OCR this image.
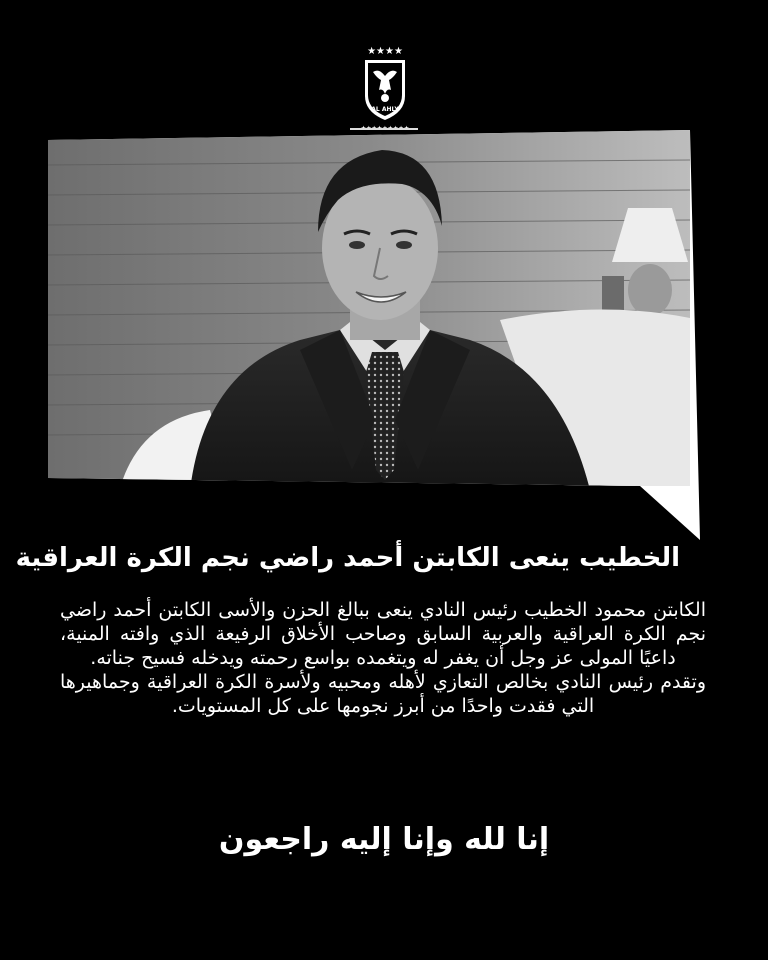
★★★★
AL AHLY
الخطيب ينعى الكابتن أحمد راضي نجم الكرة العراقية

الكابتن محمود الخطيب رئيس النادي ينعى ببالغ الحزن والأسى الكابتن أحمد راضي نجم الكرة العراقية والعربية السابق وصاحب الأخلاق الرفيعة الذي وافته المنية، داعيًا المولى عز وجل أن يغفر له ويتغمده بواسع رحمته ويدخله فسيح جناته.

وتقدم رئيس النادي بخالص التعازي لأهله ومحبيه ولأسرة الكرة العراقية وجماهيرها التي فقدت واحدًا من أبرز نجومها على كل المستويات.

إنا لله وإنا إليه راجعون
